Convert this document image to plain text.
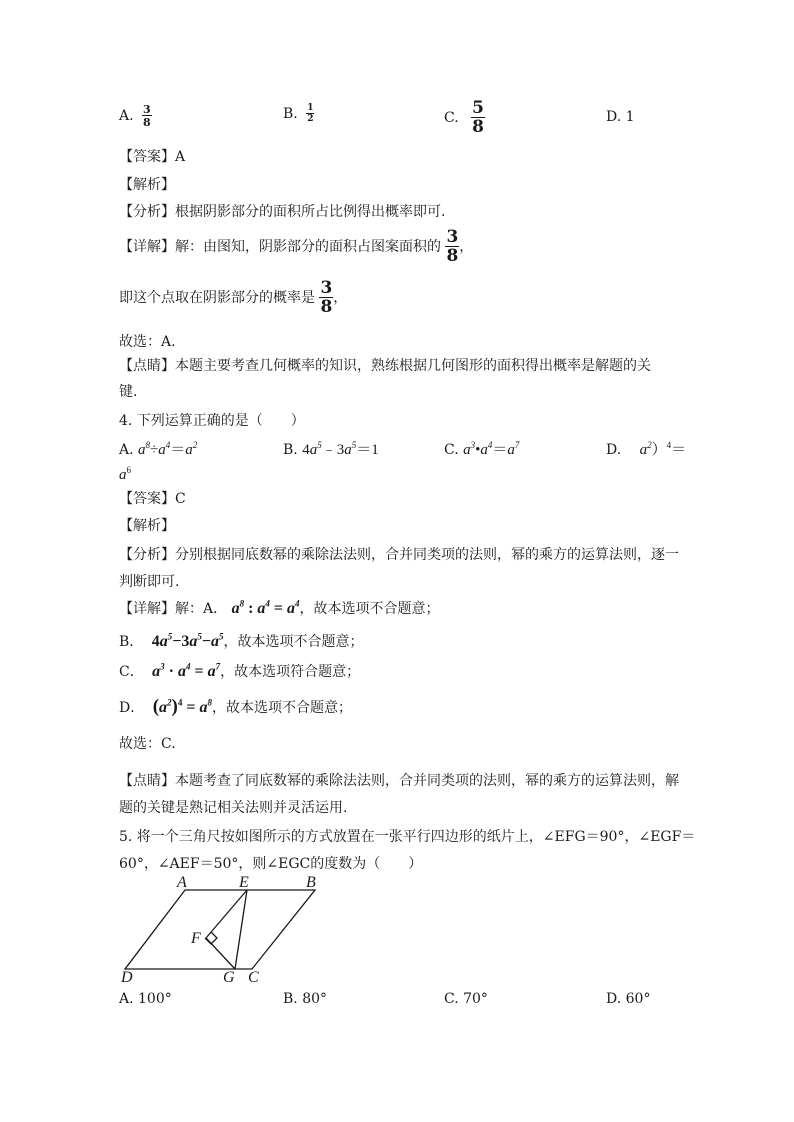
A. $\frac{3}{8}$	B. $\frac{1}{2}$	C. $\frac{5}{8}$	D. 1
【答案】A
【解析】
【分析】根据阴影部分的面积所占比例得出概率即可.
【详解】解：由图知，阴影部分的面积占图案面积的 $\frac{3}{8}$ ，
即这个点取在阴影部分的概率是 $\frac{3}{8}$ ，
故选：A.
【点睛】本题主要考查几何概率的知识，熟练根据几何图形的面积得出概率是解题的关
键.
4. 下列运算正确的是（　　）
A. $a^8\div a^4=a^2$	B. $4a^5﹣3a^5=1$	C. $a^3•a^4=a^7$	D. $a^2)^4=$
$a^6$
【答案】C
【解析】
【分析】分别根据同底数幂的乘除法法则，合并同类项的法则，幂的乘方的运算法则，逐一
判断即可.
【详解】解：A． $a^8$ : $a^4 = a^4$，故本选项不合题意；
B． $4a^5-3a^5-a^5$，故本选项不合题意；
C． $a^3 \cdot a^4 = a^7$，故本选项符合题意；
D． $(a^2)^4 = a^8$，故本选项不合题意；
故选：C.
【点睛】本题考查了同底数幂的乘除法法则，合并同类项的法则，幂的乘方的运算法则，解
题的关键是熟记相关法则并灵活运用.
5. 将一个三角尺按如图所示的方式放置在一张平行四边形的纸片上，∠EFG＝90°，∠EGF＝
60°，∠AEF＝50°，则∠EGC的度数为（　　）
A	E	B
F
D	G C
A. 100°	B. 80°	C. 70°	D. 60°
